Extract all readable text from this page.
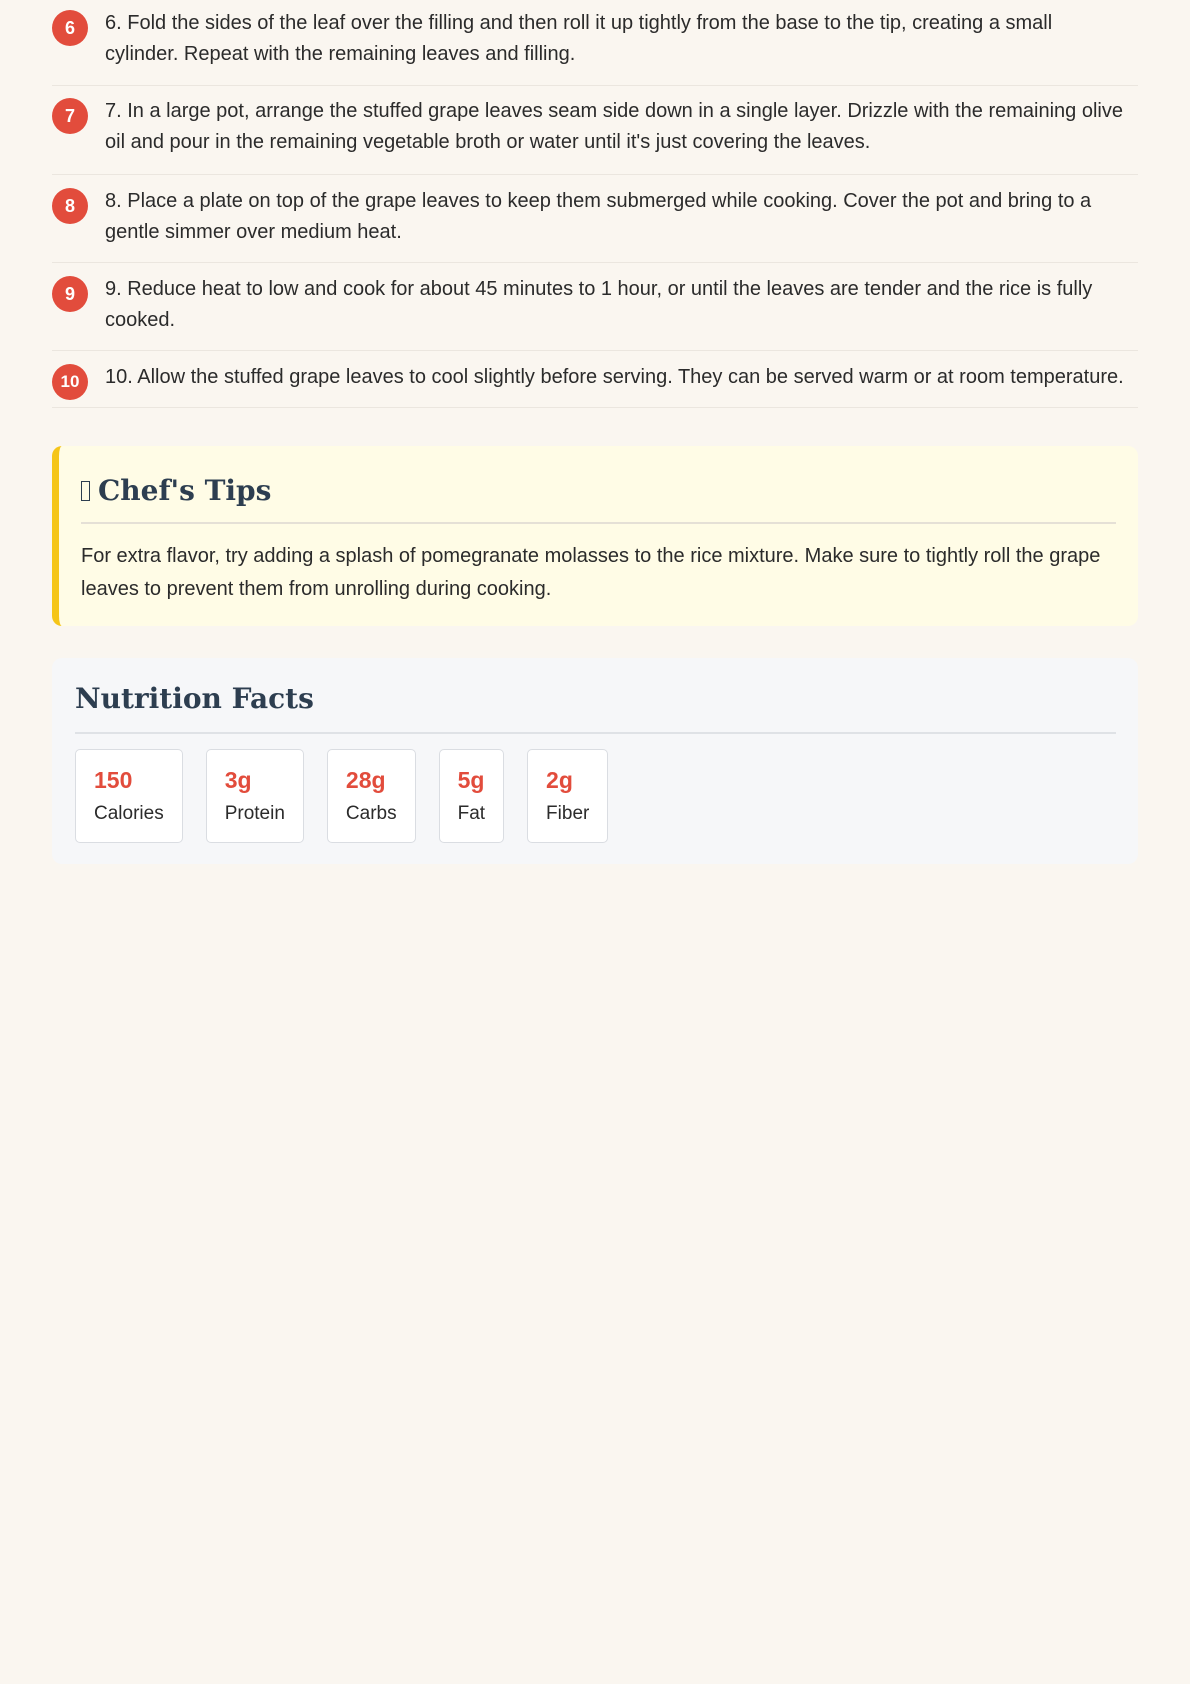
6	6. Fold the sides of the leaf over the filling and then roll it up tightly from the base to the tip, creating a small cylinder. Repeat with the remaining leaves and filling.
7	7. In a large pot, arrange the stuffed grape leaves seam side down in a single layer. Drizzle with the remaining olive oil and pour in the remaining vegetable broth or water until it's just covering the leaves.
8	8. Place a plate on top of the grape leaves to keep them submerged while cooking. Cover the pot and bring to a gentle simmer over medium heat.
9	9. Reduce heat to low and cook for about 45 minutes to 1 hour, or until the leaves are tender and the rice is fully cooked.
10	10. Allow the stuffed grape leaves to cool slightly before serving. They can be served warm or at room temperature.
Chef's Tips

For extra flavor, try adding a splash of pomegranate molasses to the rice mixture. Make sure to tightly roll the grape leaves to prevent them from unrolling during cooking.

Nutrition Facts
150
Calories
3g
Protein
28g
Carbs
5g
Fat
2g
Fiber
